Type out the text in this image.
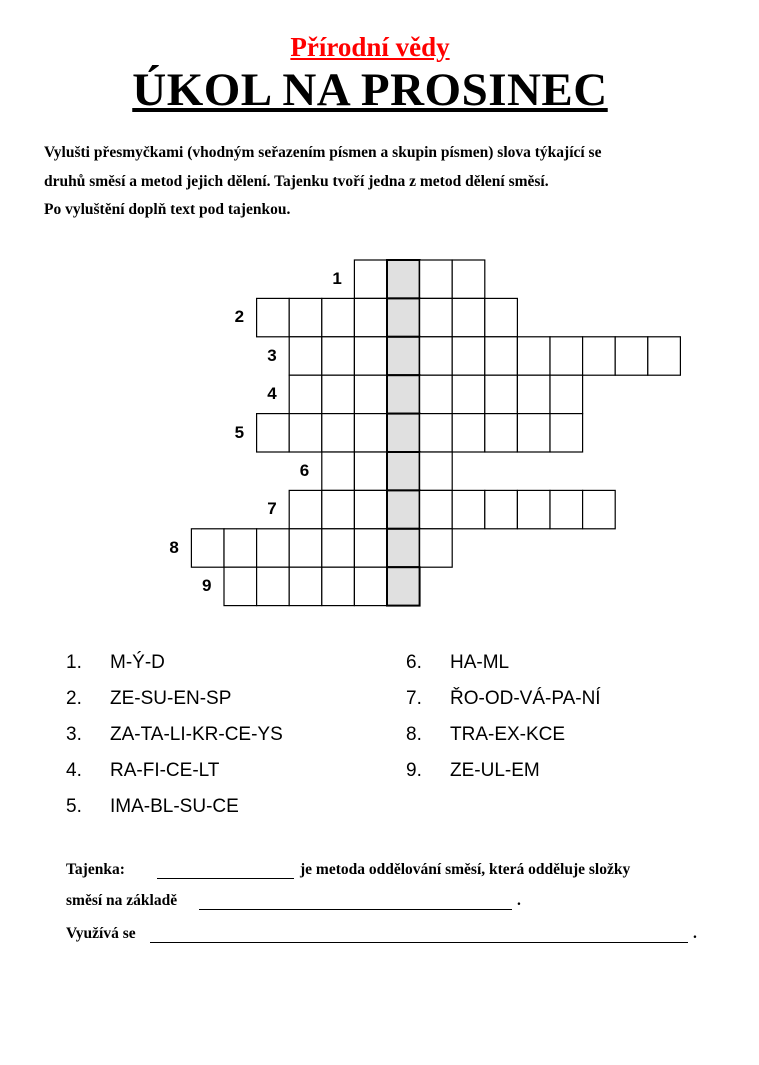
Přírodní vědy
ÚKOL NA PROSINEC
Vylušti přesmyčkami (vhodným seřazením písmen a skupin písmen) slova týkající se
druhů směsí a metod jejich dělení. Tajenku tvoří jedna z metod dělení směsí.
Po vyluštění doplň text pod tajenkou.
1
2
3
4
5
6
7
8
9
1. M-Ý-D
2. ZE-SU-EN-SP
3. ZA-TA-LI-KR-CE-YS
4. RA-FI-CE-LT
5. IMA-BL-SU-CE
6. HA-ML
7. ŘO-OD-VÁ-PA-NÍ
8. TRA-EX-KCE
9. ZE-UL-EM
Tajenka:	je metoda oddělování směsí, která odděluje složky
směsí na základě	.
Využívá se	.
